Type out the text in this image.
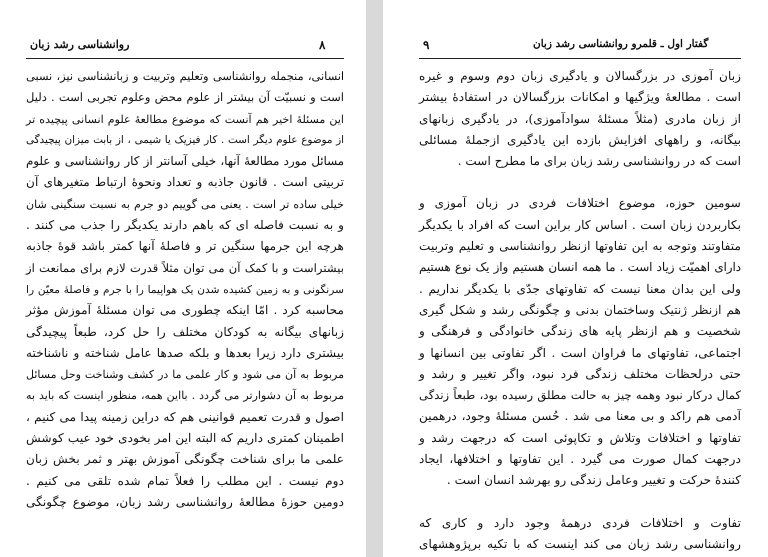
روانشناسی رشد زبان	۸
انسانی، منجمله روانشناسی وتعلیم وتربیت و زبانشناسی نیز، نسبی
است و نسبیّت آن بیشتر از علوم محض وعلوم تجربی است . دلیل
این مسئلهٔ اخیر هم آنست که موضوع مطالعهٔ علوم انسانی پیچیده تر
از موضوع علوم دیگر است . کار فیزیک یا شیمی ، از بابت میزان پیچیدگی
مسائل مورد مطالعهٔ آنها، خیلی آسانتر از کار روانشناسی و علوم
تربیتی است . قانون جاذبه و تعداد ونحوهٔ ارتباط متغیرهای آن
خیلی ساده تر است . یعنی می گوییم دو جرم به نسبت سنگینی شان
و به نسبت فاصله ای که باهم دارند یکدیگر را جذب می کنند .
هرچه این جرمها سنگین تر و فاصلهٔ آنها کمتر باشد قوهٔ جاذبه
بیشتراست و با کمک آن می توان مثلاً قدرت لازم برای ممانعت از
سرنگونی و به زمین کشیده شدن یک هواپیما را با جرم و فاصلهٔ معیّن را
محاسبه کرد . امّا اینکه چطوری می توان مسئلهٔ آموزش مؤثر
زبانهای بیگانه به کودکان مختلف را حل کرد، طبعاً پیچیدگی
بیشتری دارد زیرا بعدها و بلکه صدها عامل شناخته و ناشناخته
مربوط به آن می شود و کار علمی ما در کشف وشناخت وحل مسائل
مربوط به آن دشوارتر می گردد . بااین همه، منظور اینست که باید به
اصول و قدرت تعمیم قوانینی هم که دراین زمینه پیدا می کنیم ،
اطمینان کمتری داریم که البته این امر بخودی خود عیب کوشش
علمی ما برای شناخت چگونگی آموزش بهتر و ثمر بخش زبان
دوم نیست . این مطلب را فعلاً تمام شده تلقی می کنیم .
دومین حوزهٔ مطالعهٔ روانشناسی رشد زبان، موضوع چگونگی
۹	گفتار اول ـ قلمرو روانشناسی رشد زبان
زبان آموزی در بزرگسالان و یادگیری زبان دوم وسوم و غیره
است . مطالعهٔ ویژگیها و امکانات بزرگسالان در استفادهٔ بیشتر
از زبان مادری (مثلاً مسئلهٔ سوادآموزی)، در یادگیری زبانهای
بیگانه، و راههای افزایش بازده این یادگیری ازجملهٔ مسائلی
است که در روانشناسی رشد زبان برای ما مطرح است .
سومین حوزه، موضوع اختلافات فردی در زبان آموزی و
بکاربردن زبان است . اساس کار براین است که افراد با یکدیگر
متفاوتند وتوجه به این تفاوتها ازنظر روانشناسی و تعلیم وتربیت
دارای اهمیّت زیاد است . ما همه انسان هستیم واز یک نوع هستیم
ولی این بدان معنا نیست که تفاوتهای جدّی با یکدیگر نداریم .
هم ازنظر ژنتیک وساختمان بدنی و چگونگی رشد و شکل گیری
شخصیت و هم ازنظر پایه های زندگی خانوادگی و فرهنگی و
اجتماعی، تفاوتهای ما فراوان است . اگر تفاوتی بین انسانها و
حتی درلحظات مختلف زندگی فرد نبود، واگر تغییر و رشد و
کمال درکار نبود وهمه چیز به حالت مطلق رسیده بود، طبعاً زندگی
آدمی هم راکد و بی معنا می شد . حُسن مسئلهٔ وجود، درهمین
تفاوتها و اختلافات وتلاش و تکاپوئی است که درجهت رشد و
درجهت کمال صورت می گیرد . این تفاوتها و اختلافها، ایجاد
کنندهٔ حرکت و تغییر وعامل زندگی رو بهرشد انسان است .
تفاوت و اختلافات فردی درهمهٔ وجود دارد و کاری که
روانشناسی رشد زبان می کند اینست که با تکیه برپژوهشهای
